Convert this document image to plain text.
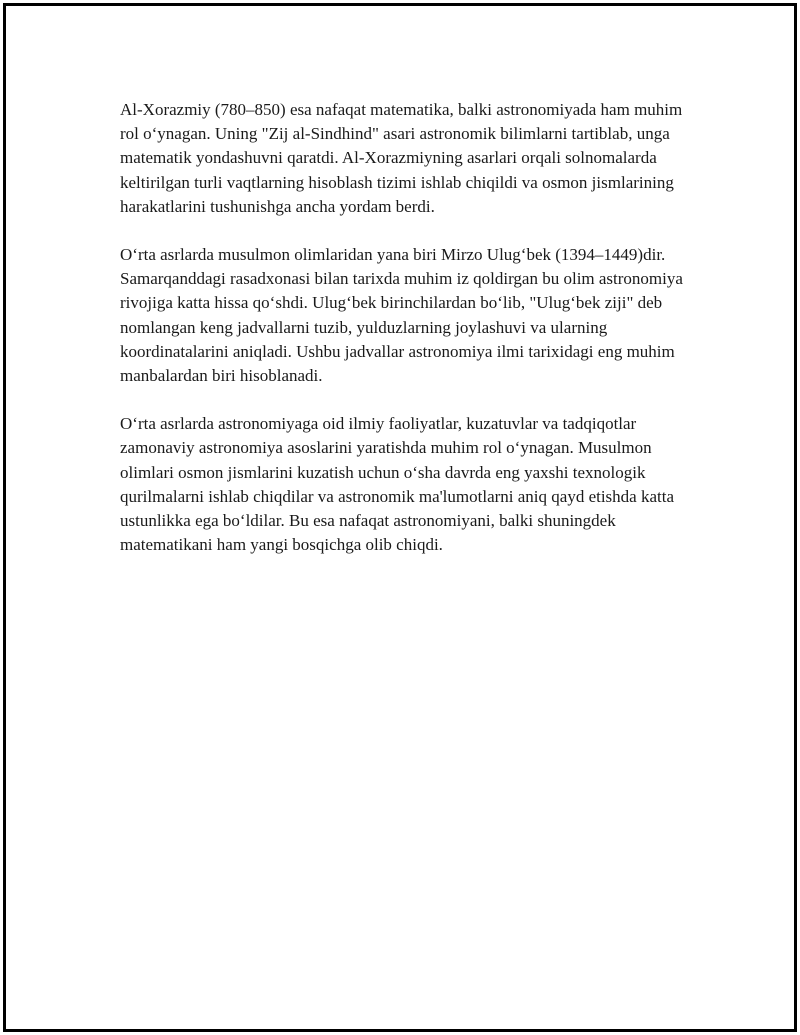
Al-Xorazmiy (780–850) esa nafaqat matematika, balki astronomiyada ham muhim rol o‘ynagan. Uning "Zij al-Sindhind" asari astronomik bilimlarni tartiblab, unga matematik yondashuvni qaratdi. Al-Xorazmiyning asarlari orqali solnomalarda keltirilgan turli vaqtlarning hisoblash tizimi ishlab chiqildi va osmon jismlarining harakatlarini tushunishga ancha yordam berdi.

O‘rta asrlarda musulmon olimlaridan yana biri Mirzo Ulug‘bek (1394–1449)dir. Samarqanddagi rasadxonasi bilan tarixda muhim iz qoldirgan bu olim astronomiya rivojiga katta hissa qo‘shdi. Ulug‘bek birinchilardan bo‘lib, "Ulug‘bek ziji" deb nomlangan keng jadvallarni tuzib, yulduzlarning joylashuvi va ularning koordinatalarini aniqladi. Ushbu jadvallar astronomiya ilmi tarixidagi eng muhim manbalardan biri hisoblanadi.

O‘rta asrlarda astronomiyaga oid ilmiy faoliyatlar, kuzatuvlar va tadqiqotlar zamonaviy astronomiya asoslarini yaratishda muhim rol o‘ynagan. Musulmon olimlari osmon jismlarini kuzatish uchun o‘sha davrda eng yaxshi texnologik qurilmalarni ishlab chiqdilar va astronomik ma'lumotlarni aniq qayd etishda katta ustunlikka ega bo‘ldilar. Bu esa nafaqat astronomiyani, balki shuningdek matematikani ham yangi bosqichga olib chiqdi.
